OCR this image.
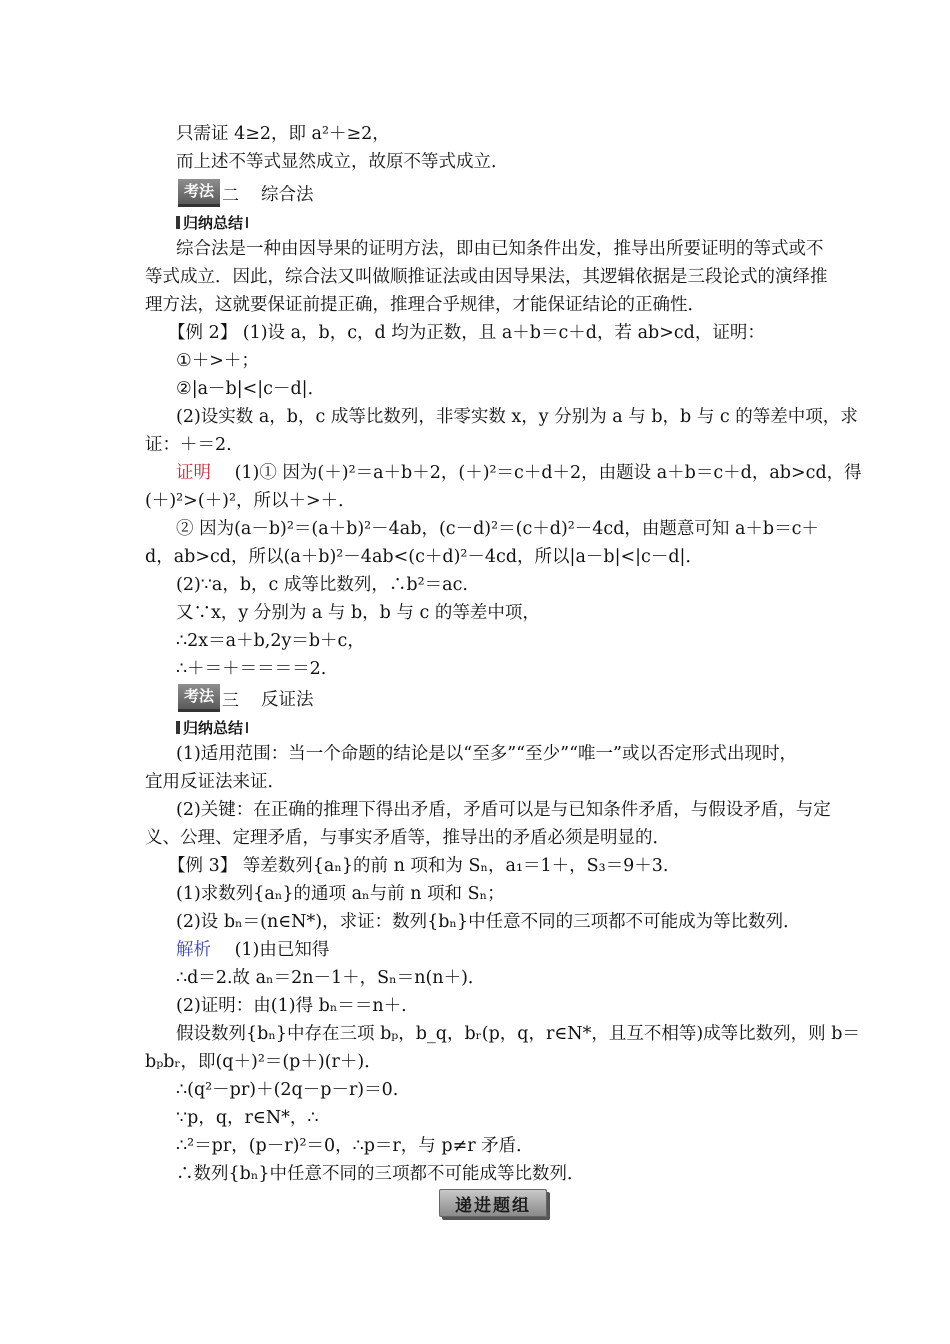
只需证 4≥2，即 a²＋≥2，
而上述不等式显然成立，故原不等式成立．
考法 二 综合法
归纳总结
综合法是一种由因导果的证明方法，即由已知条件出发，推导出所要证明的等式或不
等式成立．因此，综合法又叫做顺推证法或由因导果法，其逻辑依据是三段论式的演绎推
理方法，这就要保证前提正确，推理合乎规律，才能保证结论的正确性．
【例 2】 (1)设 a，b，c，d 均为正数，且 a＋b＝c＋d，若 ab>cd，证明：
①＋>＋；
②|a－b|<|c－d|．
(2)设实数 a，b，c 成等比数列，非零实数 x，y 分别为 a 与 b，b 与 c 的等差中项，求
证：＋＝2.
证明 (1)① 因为(＋)²＝a＋b＋2，(＋)²＝c＋d＋2，由题设 a＋b＝c＋d，ab>cd，得
(＋)²>(＋)²，所以＋>＋．
② 因为(a－b)²＝(a＋b)²－4ab，(c－d)²＝(c＋d)²－4cd，由题意可知 a＋b＝c＋
d，ab>cd，所以(a＋b)²－4ab<(c＋d)²－4cd，所以|a－b|<|c－d|．
(2)∵a，b，c 成等比数列，∴b²＝ac.
又∵x，y 分别为 a 与 b，b 与 c 的等差中项，
∴2x＝a＋b,2y＝b＋c，
∴＋＝＋＝＝＝＝2.
考法 三 反证法
归纳总结
(1)适用范围：当一个命题的结论是以“至多”“至少”“唯一”或以否定形式出现时，
宜用反证法来证．
(2)关键：在正确的推理下得出矛盾，矛盾可以是与已知条件矛盾，与假设矛盾，与定
义、公理、定理矛盾，与事实矛盾等，推导出的矛盾必须是明显的．
【例 3】 等差数列{aₙ}的前 n 项和为 Sₙ，a₁＝1＋，S₃＝9＋3.
(1)求数列{aₙ}的通项 aₙ与前 n 项和 Sₙ；
(2)设 bₙ＝(n∈N*)，求证：数列{bₙ}中任意不同的三项都不可能成为等比数列．
解析 (1)由已知得
∴d＝2.故 aₙ＝2n－1＋，Sₙ＝n(n＋)．
(2)证明：由(1)得 bₙ＝＝n＋.
假设数列{bₙ}中存在三项 bₚ，b_q，bᵣ(p，q，r∈N*，且互不相等)成等比数列，则 b＝
bₚbᵣ，即(q＋)²＝(p＋)(r＋)．
∴(q²－pr)＋(2q－p－r)＝0.
∵p，q，r∈N*，∴
∴²＝pr，(p－r)²＝0，∴p＝r，与 p≠r 矛盾．
∴数列{bₙ}中任意不同的三项都不可能成等比数列．
递进题组
